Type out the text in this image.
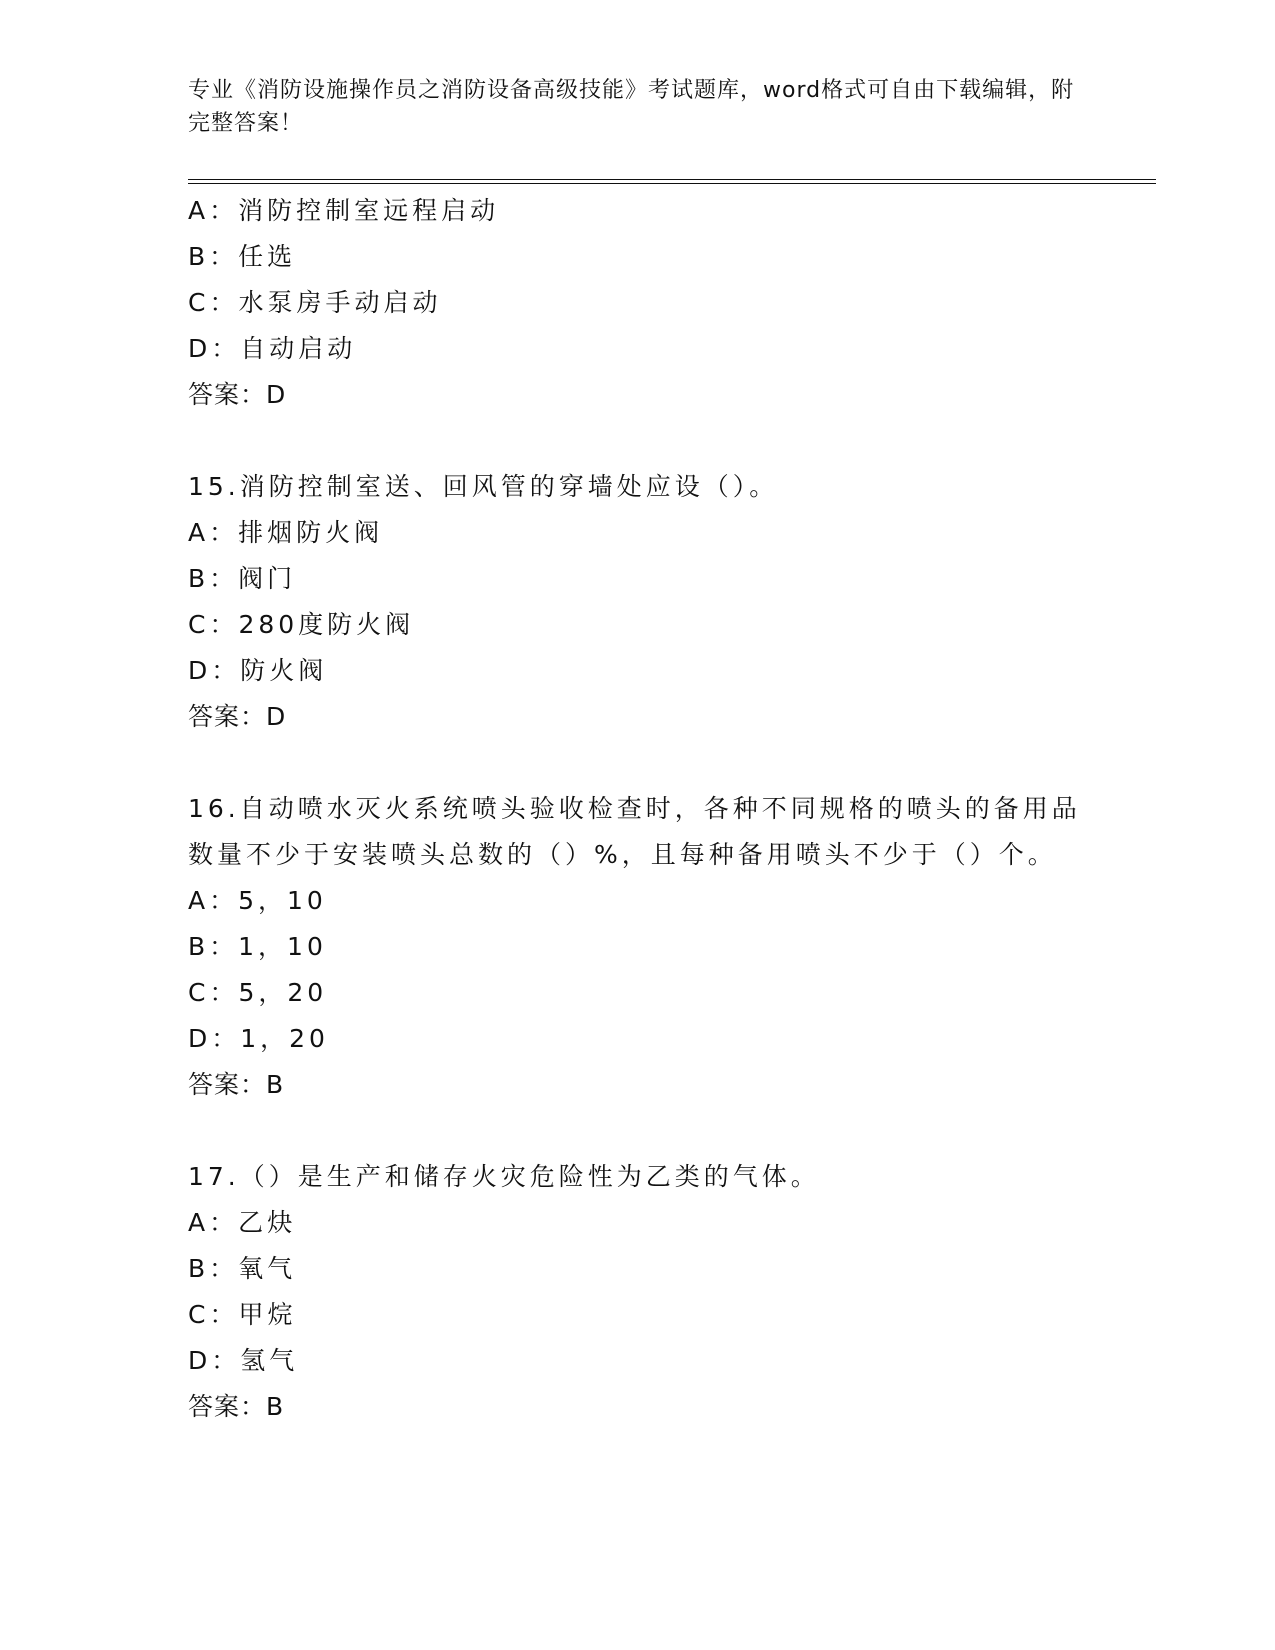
专业《消防设施操作员之消防设备高级技能》考试题库，word格式可自由下载编辑，附完整答案！
A：消防控制室远程启动
B：任选
C：水泵房手动启动
D：自动启动
答案：D
15.消防控制室送、回风管的穿墙处应设（）。
A：排烟防火阀
B：阀门
C：280度防火阀
D：防火阀
答案：D
16.自动喷水灭火系统喷头验收检查时，各种不同规格的喷头的备用品数量不少于安装喷头总数的（）%，且每种备用喷头不少于（）个。
A：5，10
B：1，10
C：5，20
D：1，20
答案：B
17.（）是生产和储存火灾危险性为乙类的气体。
A：乙炔
B：氧气
C：甲烷
D：氢气
答案：B
